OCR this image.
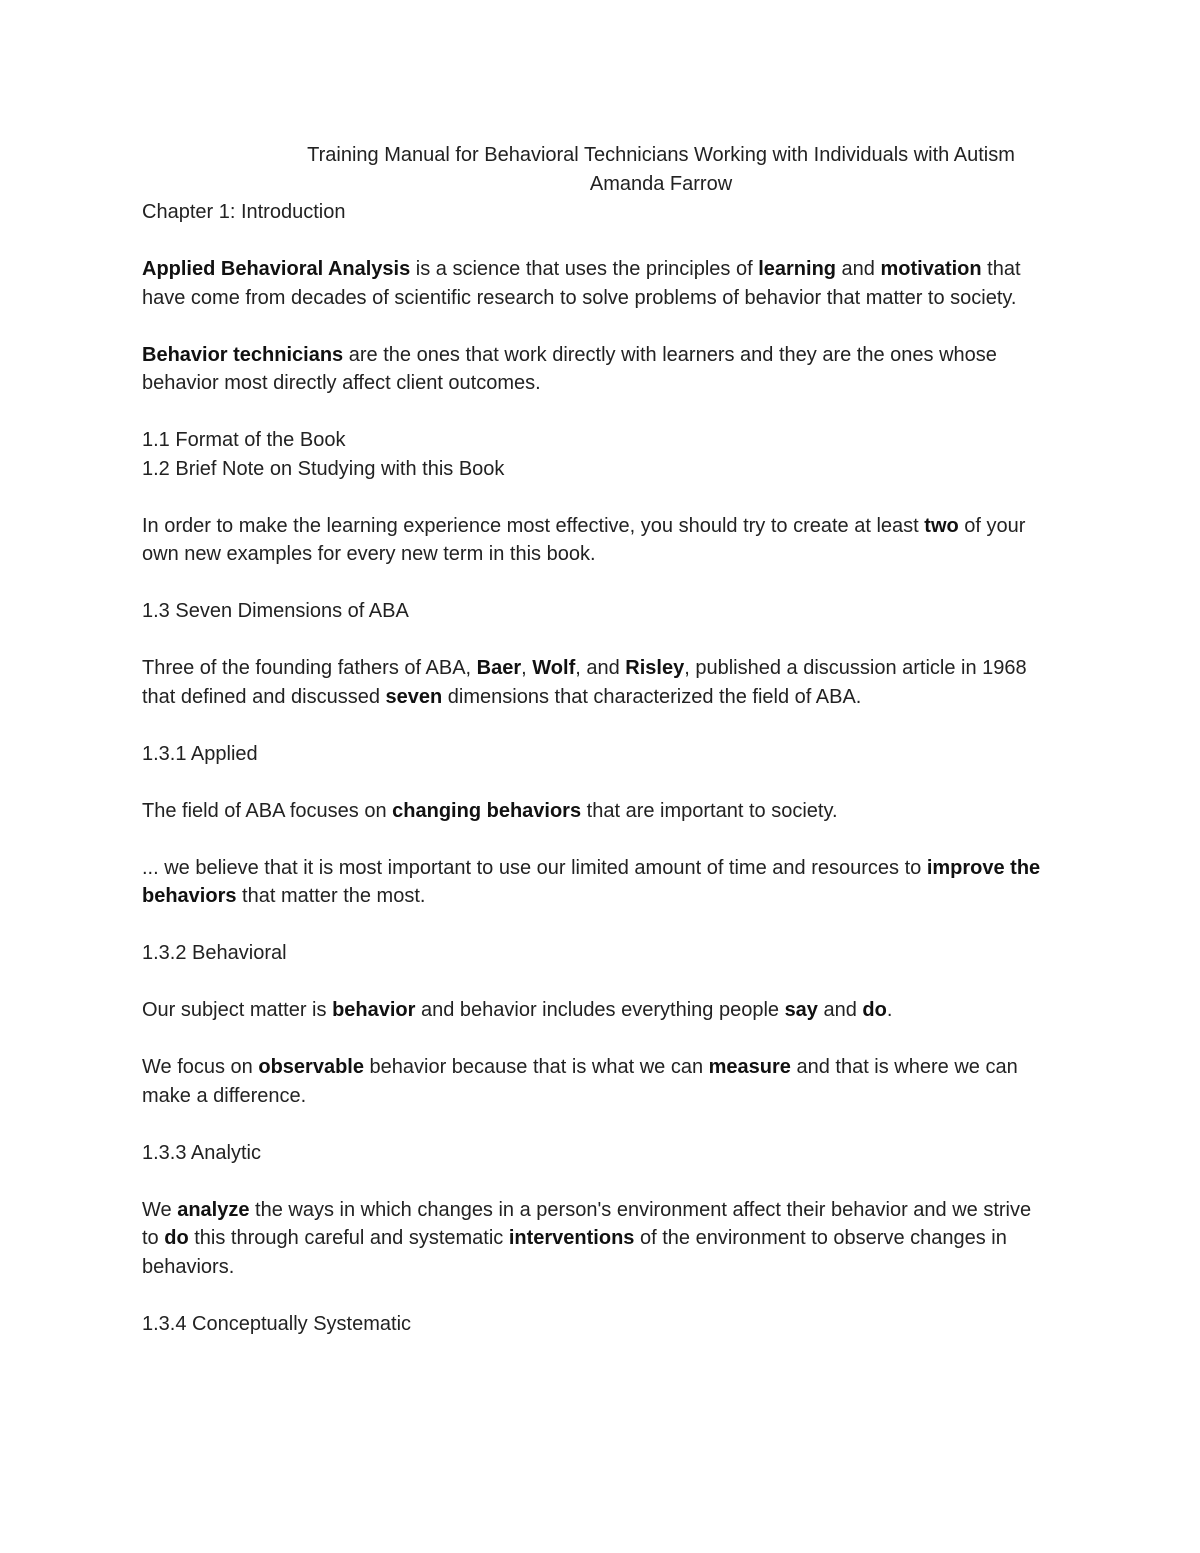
Training Manual for Behavioral Technicians Working with Individuals with Autism

Amanda Farrow

Chapter 1: Introduction

Applied Behavioral Analysis is a science that uses the principles of learning and motivation that have come from decades of scientific research to solve problems of behavior that matter to society.

Behavior technicians are the ones that work directly with learners and they are the ones whose behavior most directly affect client outcomes.

1.1 Format of the Book

1.2 Brief Note on Studying with this Book

In order to make the learning experience most effective, you should try to create at least two of your own new examples for every new term in this book.

1.3 Seven Dimensions of ABA

Three of the founding fathers of ABA, Baer, Wolf, and Risley, published a discussion article in 1968 that defined and discussed seven dimensions that characterized the field of ABA.

1.3.1 Applied

The field of ABA focuses on changing behaviors that are important to society.

... we believe that it is most important to use our limited amount of time and resources to improve the behaviors that matter the most.

1.3.2 Behavioral

Our subject matter is behavior and behavior includes everything people say and do.

We focus on observable behavior because that is what we can measure and that is where we can make a difference.

1.3.3 Analytic

We analyze the ways in which changes in a person's environment affect their behavior and we strive to do this through careful and systematic interventions of the environment to observe changes in behaviors.

1.3.4 Conceptually Systematic
